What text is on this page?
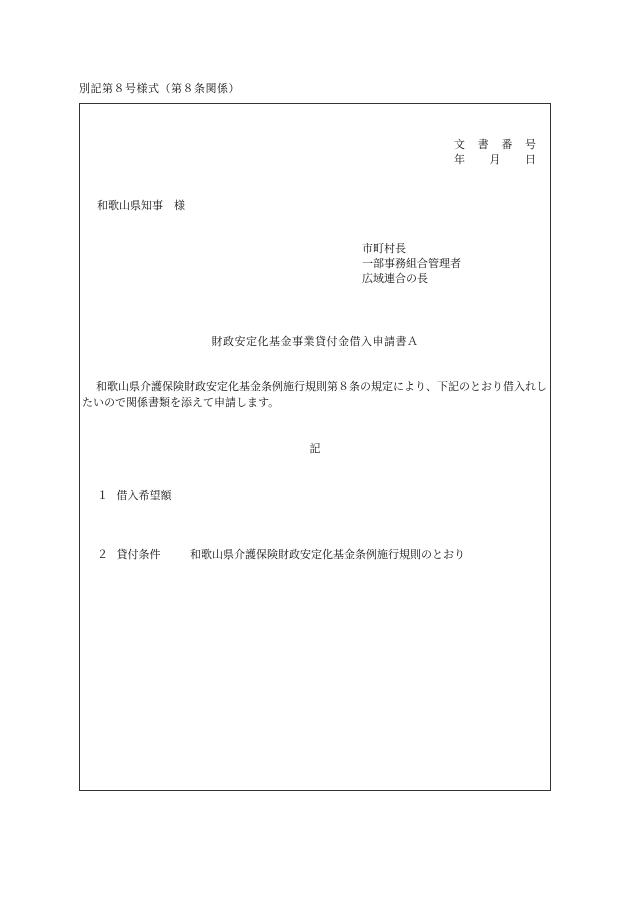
別記第８号様式（第８条関係）
文 書 番 号
年 月 日
和歌山県知事　様
市町村長
一部事務組合管理者
広域連合の長
財政安定化基金事業貸付金借入申請書Ａ
和歌山県介護保険財政安定化基金条例施行規則第８条の規定により、下記のとおり借入れしたいので関係書類を添えて申請します。
記
１ 借入希望額
２ 貸付条件	和歌山県介護保険財政安定化基金条例施行規則のとおり
